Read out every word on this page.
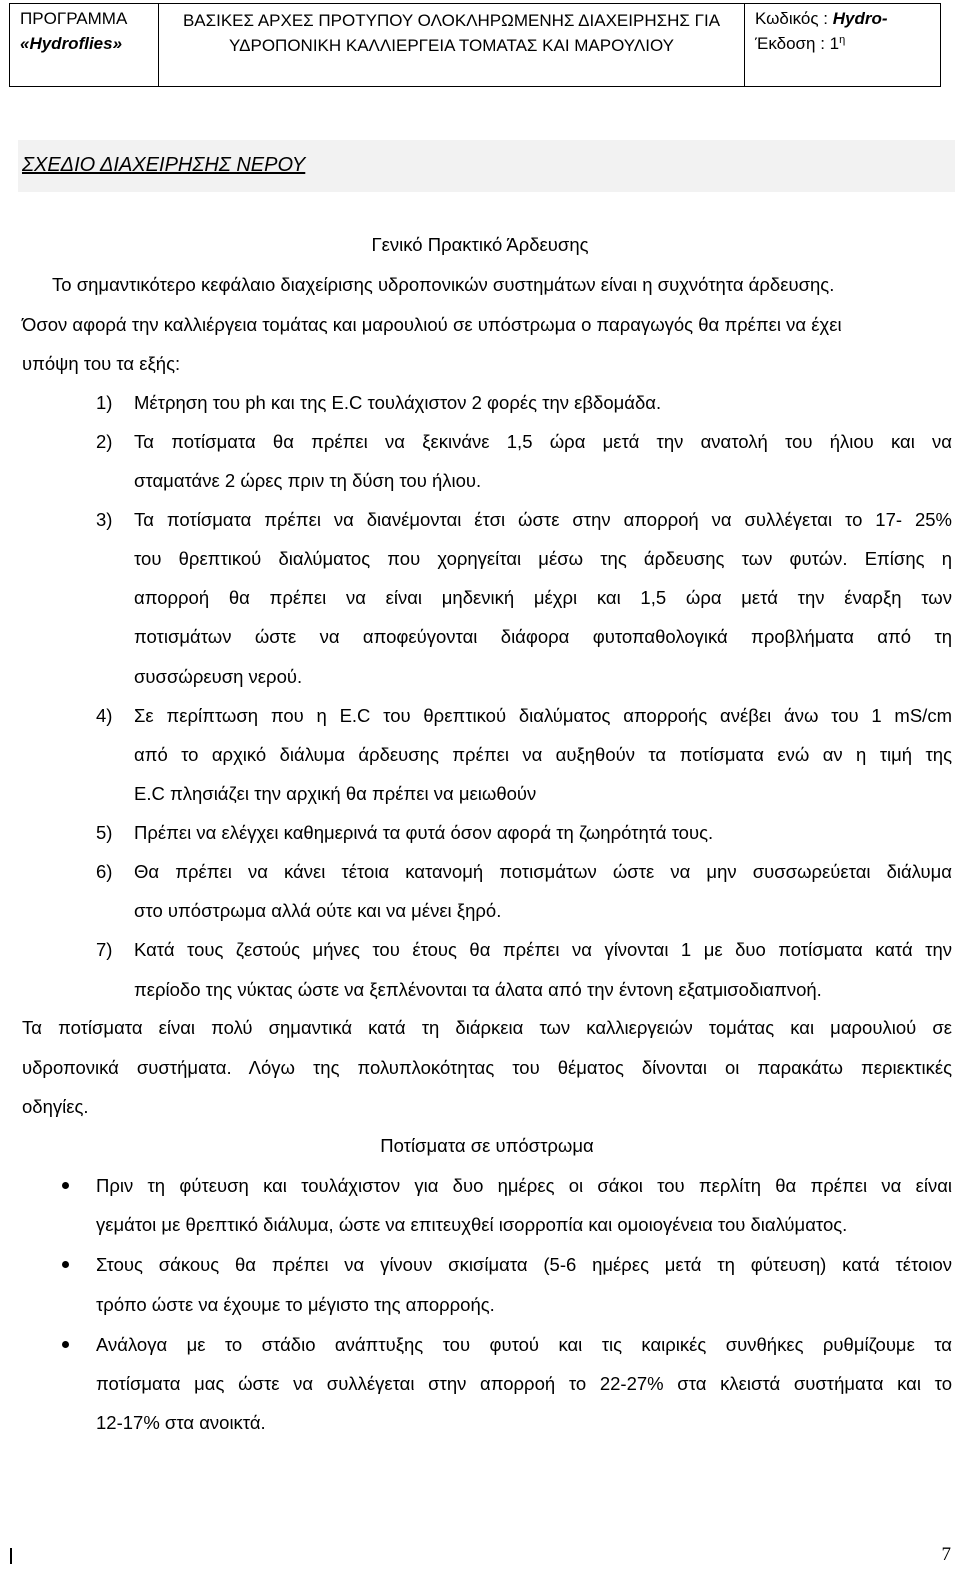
ΠΡΟΓΡΑΜΜΑ
«Hydroflies»
ΒΑΣΙΚΕΣ ΑΡΧΕΣ ΠΡΟΤΥΠΟΥ ΟΛΟΚΛΗΡΩΜΕΝΗΣ ΔΙΑΧΕΙΡΗΣΗΣ ΓΙΑ
ΥΔΡΟΠΟΝΙΚΗ ΚΑΛΛΙΕΡΓΕΙΑ ΤΟΜΑΤΑΣ ΚΑΙ ΜΑΡΟΥΛΙΟΥ
Κωδικός : Hydro-
Έκδοση : $1^\eta$
ΣΧΕΔΙΟ ΔΙΑΧΕΙΡΗΣΗΣ ΝΕΡΟΥ
Γενικό Πρακτικό Άρδευσης
Το σημαντικότερο κεφάλαιο διαχείρισης υδροπονικών συστημάτων είναι η συχνότητα άρδευσης.
Όσον αφορά την καλλιέργεια τομάτας και μαρουλιού σε υπόστρωμα ο παραγωγός θα πρέπει να έχει
υπόψη του τα εξής:
1) Μέτρηση του ph και της E.C τουλάχιστον 2 φορές την εβδομάδα.
2) Τα ποτίσματα θα πρέπει να ξεκινάνε 1,5 ώρα μετά την ανατολή του ήλιου και να
σταματάνε 2 ώρες πριν τη δύση του ήλιου.
3) Τα ποτίσματα πρέπει να διανέμονται έτσι ώστε στην απορροή να συλλέγεται το 17- 25%
του θρεπτικού διαλύματος που χορηγείται μέσω της άρδευσης των φυτών. Επίσης η
απορροή θα πρέπει να είναι μηδενική μέχρι και 1,5 ώρα μετά την έναρξη των
ποτισμάτων ώστε να αποφεύγονται διάφορα φυτοπαθολογικά προβλήματα από τη
συσσώρευση νερού.
4) Σε περίπτωση που η E.C του θρεπτικού διαλύματος απορροής ανέβει άνω του 1 mS/cm
από το αρχικό διάλυμα άρδευσης πρέπει να αυξηθούν τα ποτίσματα ενώ αν η τιμή της
E.C πλησιάζει την αρχική θα πρέπει να μειωθούν
5) Πρέπει να ελέγχει καθημερινά τα φυτά όσον αφορά τη ζωηρότητά τους.
6) Θα πρέπει να κάνει τέτοια κατανομή ποτισμάτων ώστε να μην συσσωρεύεται διάλυμα
στο υπόστρωμα αλλά ούτε και να μένει ξηρό.
7) Κατά τους ζεστούς μήνες του έτους θα πρέπει να γίνονται 1 με δυο ποτίσματα κατά την
περίοδο της νύκτας ώστε να ξεπλένονται τα άλατα από την έντονη εξατμισοδιαπνοή.
Τα ποτίσματα είναι πολύ σημαντικά κατά τη διάρκεια των καλλιεργειών τομάτας και μαρουλιού σε
υδροπονικά συστήματα. Λόγω της πολυπλοκότητας του θέματος δίνονται οι παρακάτω περιεκτικές
οδηγίες.
Ποτίσματα σε υπόστρωμα
Πριν τη φύτευση και τουλάχιστον για δυο ημέρες οι σάκοι του περλίτη θα πρέπει να είναι
γεμάτοι με θρεπτικό διάλυμα, ώστε να επιτευχθεί ισορροπία και ομοιογένεια του διαλύματος.
Στους σάκους θα πρέπει να γίνουν σκισίματα (5-6 ημέρες μετά τη φύτευση) κατά τέτοιον
τρόπο ώστε να έχουμε το μέγιστο της απορροής.
Ανάλογα με το στάδιο ανάπτυξης του φυτού και τις καιρικές συνθήκες ρυθμίζουμε τα
ποτίσματα μας ώστε να συλλέγεται στην απορροή το 22-27% στα κλειστά συστήματα και το
12-17% στα ανοικτά.
7
